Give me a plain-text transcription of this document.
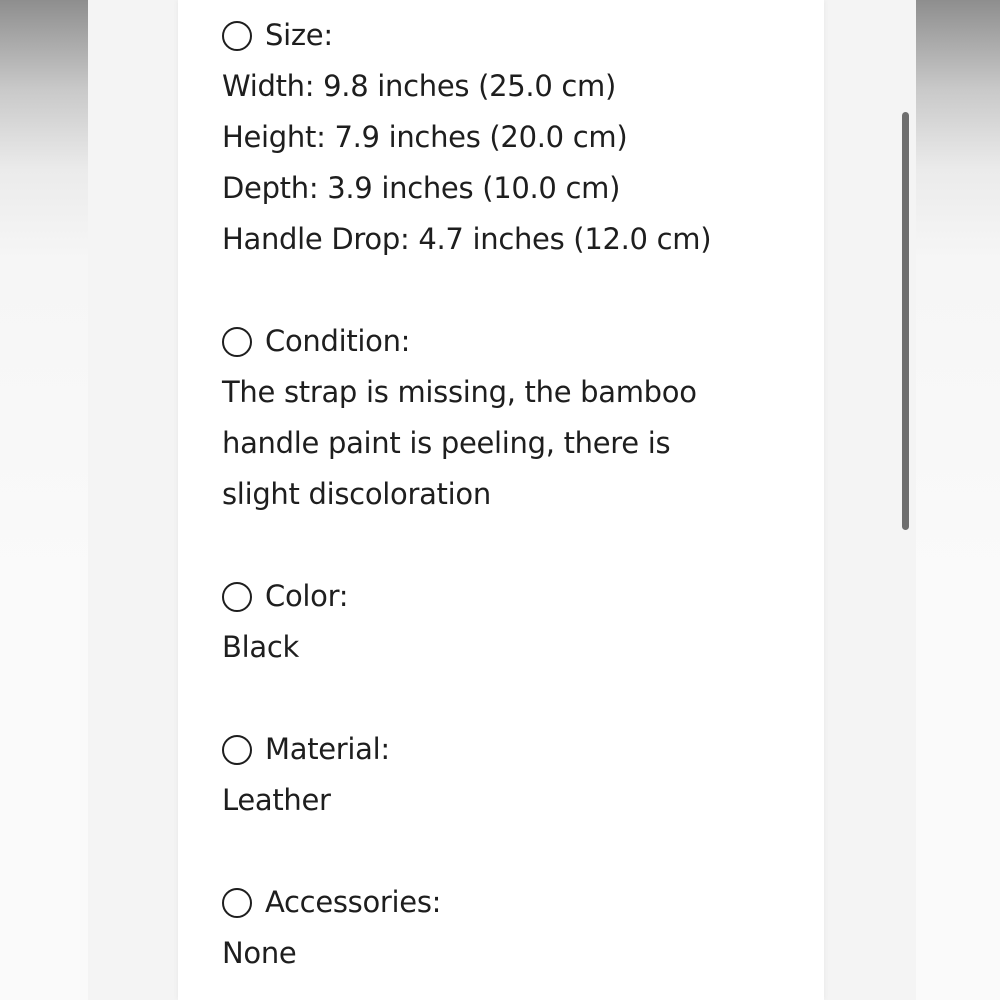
Size:
Width: 9.8 inches (25.0 cm)
Height: 7.9 inches (20.0 cm)
Depth: 3.9 inches (10.0 cm)
Handle Drop: 4.7 inches (12.0 cm)
Condition:
The strap is missing, the bamboo
handle paint is peeling, there is
slight discoloration
Color:
Black
Material:
Leather
Accessories:
None
